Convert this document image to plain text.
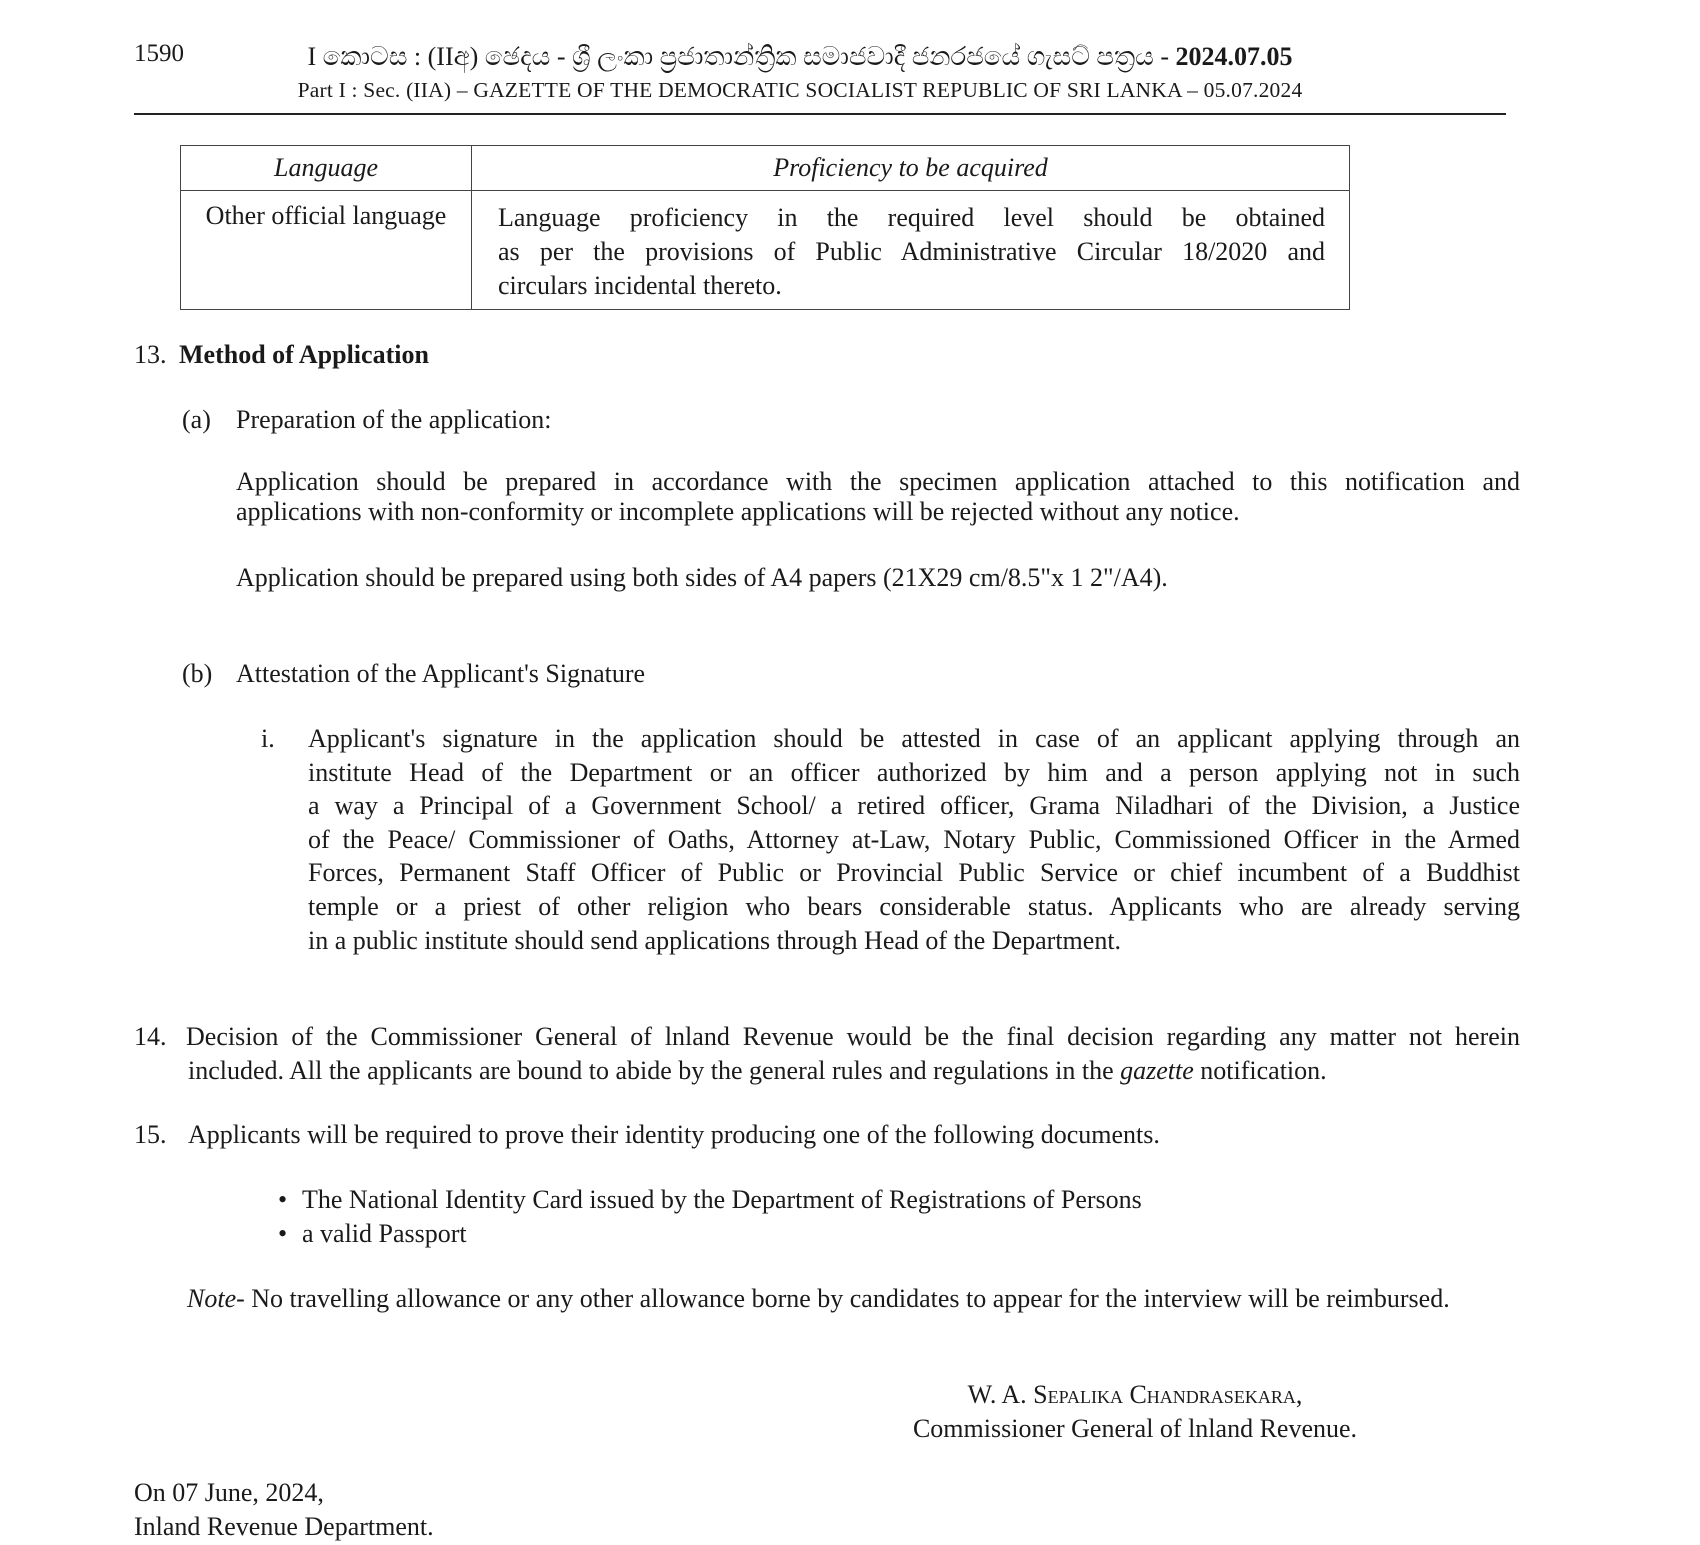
1590	I කොටස : (IIඅ) ඡෙදය - ශ්‍රී ලංකා ප්‍රජාතාන්ත්‍රික සමාජවාදී ජනරජයේ ගැසට් පත්‍රය - 2024.07.05
Part I : Sec. (IIA) – GAZETTE OF THE DEMOCRATIC SOCIALIST REPUBLIC OF SRI LANKA – 05.07.2024
Language	Proficiency to be acquired
Other official language	Language proficiency in the required level should be obtained
as per the provisions of Public Administrative Circular 18/2020 and
circulars incidental thereto.
13. Method of Application
(a) Preparation of the application:
Application should be prepared in accordance with the specimen application attached to this notification and
applications with non-conformity or incomplete applications will be rejected without any notice.
Application should be prepared using both sides of A4 papers (21X29 cm/8.5"x 1 2"/A4).
(b) Attestation of the Applicant's Signature
i. Applicant's signature in the application should be attested in case of an applicant applying through an
institute Head of the Department or an officer authorized by him and a person applying not in such
a way a Principal of a Government School/ a retired officer, Grama Niladhari of the Division, a Justice
of the Peace/ Commissioner of Oaths, Attorney at-Law, Notary Public, Commissioned Officer in the Armed
Forces, Permanent Staff Officer of Public or Provincial Public Service or chief incumbent of a Buddhist
temple or a priest of other religion who bears considerable status. Applicants who are already serving
in a public institute should send applications through Head of the Department.
14. Decision of the Commissioner General of lnland Revenue would be the final decision regarding any matter not herein
included. All the applicants are bound to abide by the general rules and regulations in the gazette notification.
15. Applicants will be required to prove their identity producing one of the following documents.
• The National Identity Card issued by the Department of Registrations of Persons
• a valid Passport
Note- No travelling allowance or any other allowance borne by candidates to appear for the interview will be reimbursed.
W. A. Sepalika Chandrasekara,
Commissioner General of lnland Revenue.
On 07 June, 2024,
Inland Revenue Department.
